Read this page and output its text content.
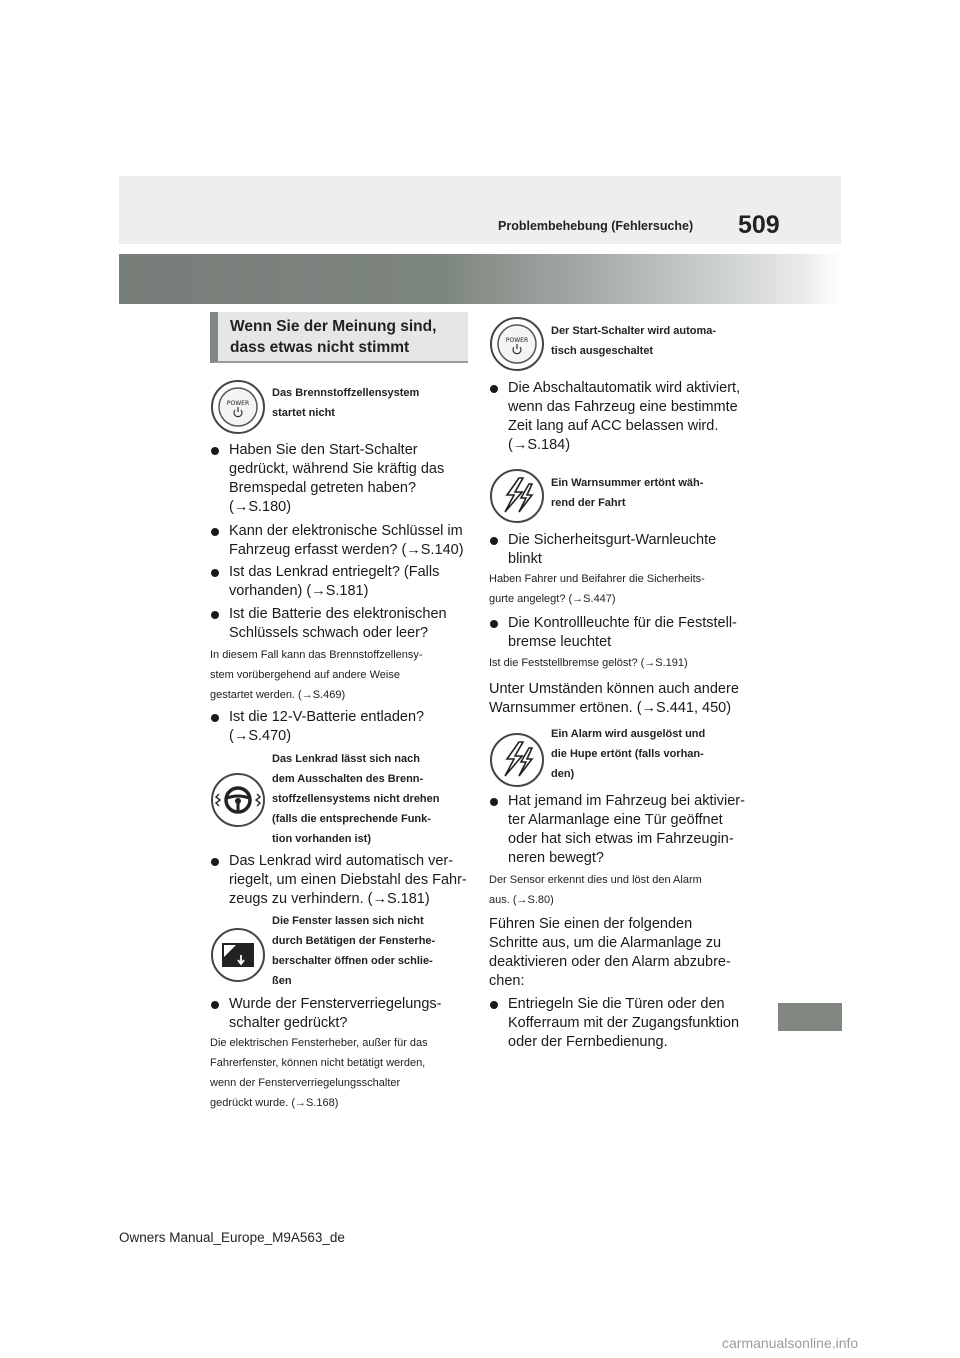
Problembehebung (Fehlersuche) 509
Wenn Sie der Meinung sind,
dass etwas nicht stimmt
POWER
Das Brennstoffzellensystem
startet nicht
Haben Sie den Start-Schalter
gedrückt, während Sie kräftig das
Bremspedal getreten haben?
(→S.180)
Kann der elektronische Schlüssel im
Fahrzeug erfasst werden? (→S.140)
Ist das Lenkrad entriegelt? (Falls
vorhanden) (→S.181)
Ist die Batterie des elektronischen
Schlüssels schwach oder leer?
In diesem Fall kann das Brennstoffzellensy-
stem vorübergehend auf andere Weise
gestartet werden. (→S.469)
Ist die 12-V-Batterie entladen?
(→S.470)
Das Lenkrad lässt sich nach
dem Ausschalten des Brenn-
stoffzellensystems nicht drehen
(falls die entsprechende Funk-
tion vorhanden ist)
Das Lenkrad wird automatisch ver-
riegelt, um einen Diebstahl des Fahr-
zeugs zu verhindern. (→S.181)
Die Fenster lassen sich nicht
durch Betätigen der Fensterhe-
berschalter öffnen oder schlie-
ßen
Wurde der Fensterverriegelungs-
schalter gedrückt?
Die elektrischen Fensterheber, außer für das
Fahrerfenster, können nicht betätigt werden,
wenn der Fensterverriegelungsschalter
gedrückt wurde. (→S.168)
POWER
Der Start-Schalter wird automa-
tisch ausgeschaltet
Die Abschaltautomatik wird aktiviert,
wenn das Fahrzeug eine bestimmte
Zeit lang auf ACC belassen wird.
(→S.184)
Ein Warnsummer ertönt wäh-
rend der Fahrt
Die Sicherheitsgurt-Warnleuchte
blinkt
Haben Fahrer und Beifahrer die Sicherheits-
gurte angelegt? (→S.447)
Die Kontrollleuchte für die Feststell-
bremse leuchtet
Ist die Feststellbremse gelöst? (→S.191)
Unter Umständen können auch andere
Warnsummer ertönen. (→S.441, 450)
Ein Alarm wird ausgelöst und
die Hupe ertönt (falls vorhan-
den)
Hat jemand im Fahrzeug bei aktivier-
ter Alarmanlage eine Tür geöffnet
oder hat sich etwas im Fahrzeugin-
neren bewegt?
Der Sensor erkennt dies und löst den Alarm
aus. (→S.80)
Führen Sie einen der folgenden
Schritte aus, um die Alarmanlage zu
deaktivieren oder den Alarm abzubre-
chen:
Entriegeln Sie die Türen oder den
Kofferraum mit der Zugangsfunktion
oder der Fernbedienung.
Owners Manual_Europe_M9A563_de
carmanualsonline.info
